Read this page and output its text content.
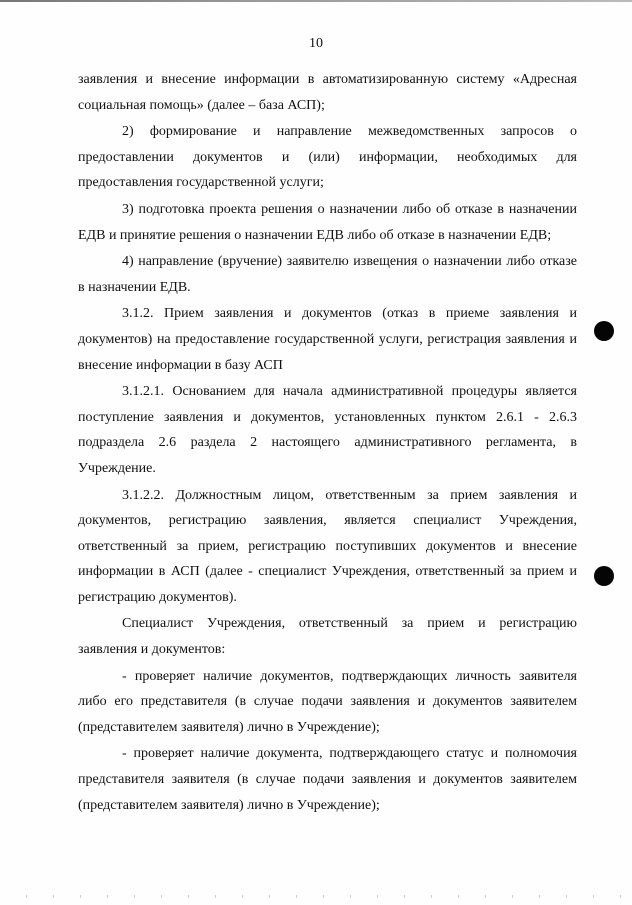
10

заявления и внесение информации в автоматизированную систему «Адресная социальная помощь» (далее – база АСП);

2) формирование и направление межведомственных запросов о предоставлении документов и (или) информации, необходимых для предоставления государственной услуги;

3) подготовка проекта решения о назначении либо об отказе в назначении ЕДВ и принятие решения о назначении ЕДВ либо об отказе в назначении ЕДВ;

4) направление (вручение) заявителю извещения о назначении либо отказе в назначении ЕДВ.

3.1.2. Прием заявления и документов (отказ в приеме заявления и документов) на предоставление государственной услуги, регистрация заявления и внесение информации в базу АСП

3.1.2.1. Основанием для начала административной процедуры является поступление заявления и документов, установленных пунктом 2.6.1 - 2.6.3 подраздела 2.6 раздела 2 настоящего административного регламента, в Учреждение.

3.1.2.2. Должностным лицом, ответственным за прием заявления и документов, регистрацию заявления, является специалист Учреждения, ответственный за прием, регистрацию поступивших документов и внесение информации в АСП (далее - специалист Учреждения, ответственный за прием и регистрацию документов).

Специалист Учреждения, ответственный за прием и регистрацию заявления и документов:

- проверяет наличие документов, подтверждающих личность заявителя либо его представителя (в случае подачи заявления и документов заявителем (представителем заявителя) лично в Учреждение);

- проверяет наличие документа, подтверждающего статус и полномочия представителя заявителя (в случае подачи заявления и документов заявителем (представителем заявителя) лично в Учреждение);
